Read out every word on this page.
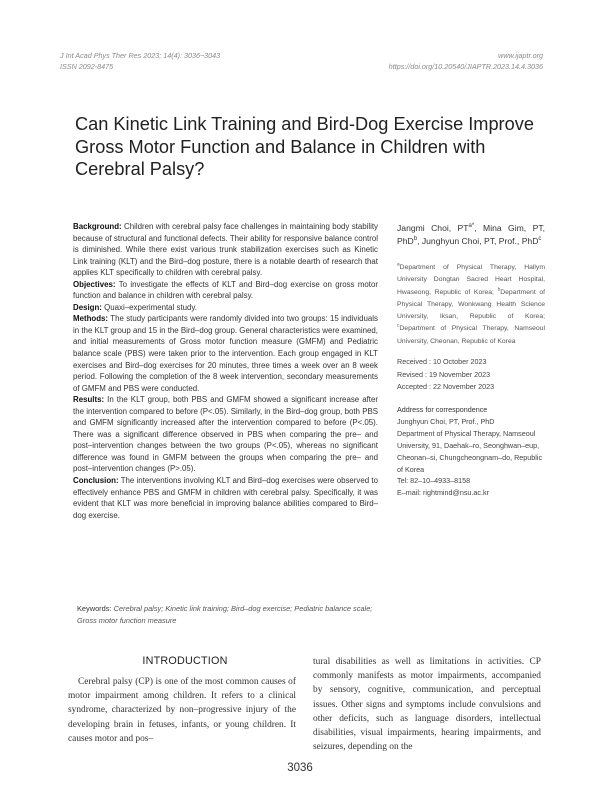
J Int Acad Phys Ther Res 2023; 14(4): 3036~3043
ISSN 2092-8475
www.ijaptr.org
https://doi.org/10.20540/JIAPTR.2023.14.4.3036
Can Kinetic Link Training and Bird-Dog Exercise Improve Gross Motor Function and Balance in Children with Cerebral Palsy?

Background: Children with cerebral palsy face challenges in maintaining body stability because of structural and functional defects. Their ability for responsive balance control is diminished. While there exist various trunk stabilization exercises such as Kinetic Link training (KLT) and the Bird–dog posture, there is a notable dearth of research that applies KLT specifically to children with cerebral palsy.

Objectives: To investigate the effects of KLT and Bird–dog exercise on gross motor function and balance in children with cerebral palsy.

Design: Quaxi–experimental study.

Methods: The study participants were randomly divided into two groups: 15 individuals in the KLT group and 15 in the Bird–dog group. General characteristics were examined, and initial measurements of Gross motor function measure (GMFM) and Pediatric balance scale (PBS) were taken prior to the intervention. Each group engaged in KLT exercises and Bird–dog exercises for 20 minutes, three times a week over an 8 week period. Following the completion of the 8 week intervention, secondary measurements of GMFM and PBS were conducted.

Results: In the KLT group, both PBS and GMFM showed a significant increase after the intervention compared to before (P<.05). Similarly, in the Bird–dog group, both PBS and GMFM significantly increased after the intervention compared to before (P<.05). There was a significant difference observed in PBS when comparing the pre– and post–intervention changes between the two groups (P<.05), whereas no significant difference was found in GMFM between the groups when comparing the pre– and post–intervention changes (P>.05).

Conclusion: The interventions involving KLT and Bird–dog exercises were observed to effectively enhance PBS and GMFM in children with cerebral palsy. Specifically, it was evident that KLT was more beneficial in improving balance abilities compared to Bird–dog exercise.

Keywords: Cerebral palsy; Kinetic link training; Bird–dog exercise; Pediatric balance scale; Gross motor function measure
Jangmi Choi, $PT^{a*}$, Mina Gim, PT, PhD$^b$, Junghyun Choi, PT, Prof., PhD$^c$
$^a$Department of Physical Therapy, Hallym University Dongtan Sacred Heart Hospital, Hwaseong, Republic of Korea; $^b$Department of Physical Therapy, Wonkwang Health Science University, Iksan, Republic of Korea; $^c$Department of Physical Therapy, Namseoul University, Cheonan, Republic of Korea
Received : 10 October 2023
Revised : 19 November 2023
Accepted : 22 November 2023
Address for correspondence
Junghyun Choi, PT, Prof., PhD
Department of Physical Therapy, Namseoul University, 91, Daehak–ro, Seonghwan–eup, Cheonan–si, Chungcheongnam–do, Republic of Korea
Tel: 82–10–4933–8158
E–mail: rightmind@nsu.ac.kr
INTRODUCTION

Cerebral palsy (CP) is one of the most common causes of motor impairment among children. It refers to a clinical syndrome, characterized by non–progressive injury of the developing brain in fetuses, infants, or young children. It causes motor and pos–

tural disabilities as well as limitations in activities. CP commonly manifests as motor impairments, accompanied by sensory, cognitive, communication, and perceptual issues. Other signs and symptoms include convulsions and other deficits, such as language disorders, intellectual disabilities, visual impairments, hearing impairments, and seizures, depending on the

3036
